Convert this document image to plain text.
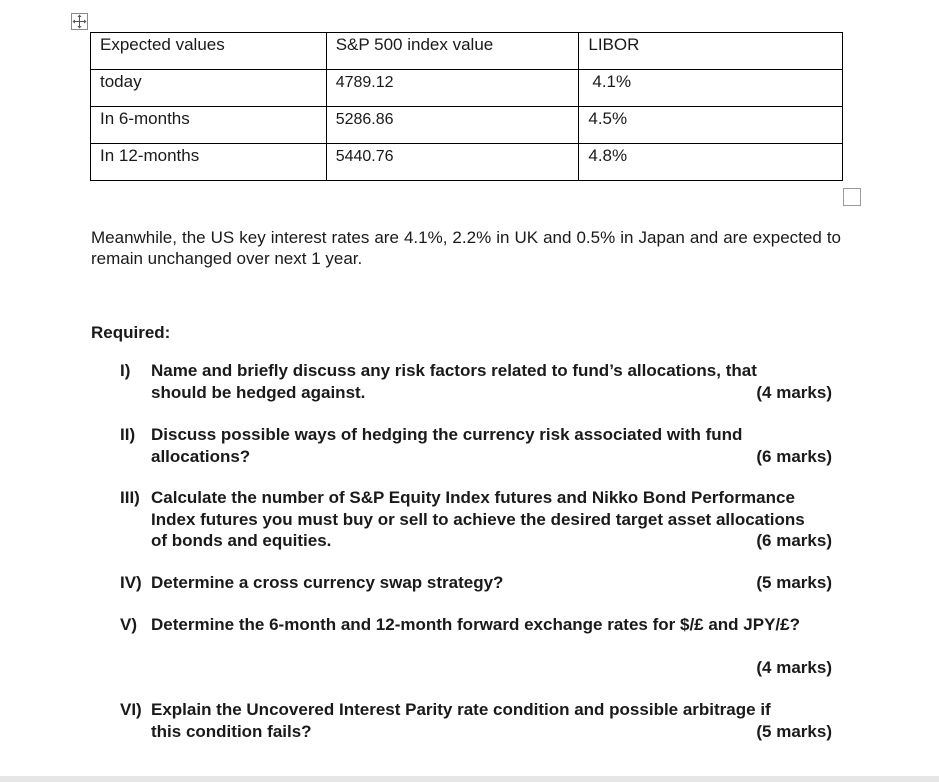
Expected values	S&P 500 index value	LIBOR
today	4789.12	4.1%
In 6-months	5286.86	4.5%
In 12-months	5440.76	4.8%
Meanwhile, the US key interest rates are 4.1%, 2.2% in UK and 0.5% in Japan and are expected to remain unchanged over next 1 year.
Required:
I) Name and briefly discuss any risk factors related to fund’s allocations, that
should be hedged against.	(4 marks)
II) Discuss possible ways of hedging the currency risk associated with fund
allocations?	(6 marks)
III) Calculate the number of S&P Equity Index futures and Nikko Bond Performance
Index futures you must buy or sell to achieve the desired target asset allocations
of bonds and equities.	(6 marks)
IV) Determine a cross currency swap strategy?	(5 marks)
V) Determine the 6-month and 12-month forward exchange rates for $/£ and JPY/£?
(4 marks)
VI) Explain the Uncovered Interest Parity rate condition and possible arbitrage if
this condition fails?	(5 marks)
